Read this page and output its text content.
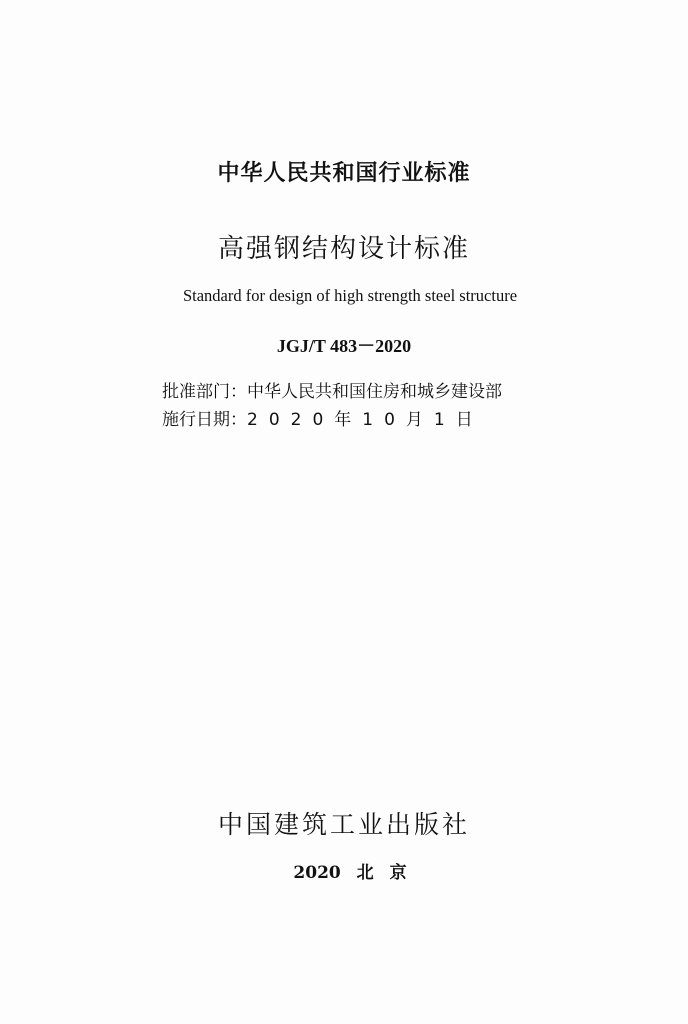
中华人民共和国行业标准
高强钢结构设计标准
Standard for design of high strength steel structure
JGJ/T 483－2020
批准部门：中华人民共和国住房和城乡建设部
施行日期：2020年10月1日
中国建筑工业出版社
2020 北 京
